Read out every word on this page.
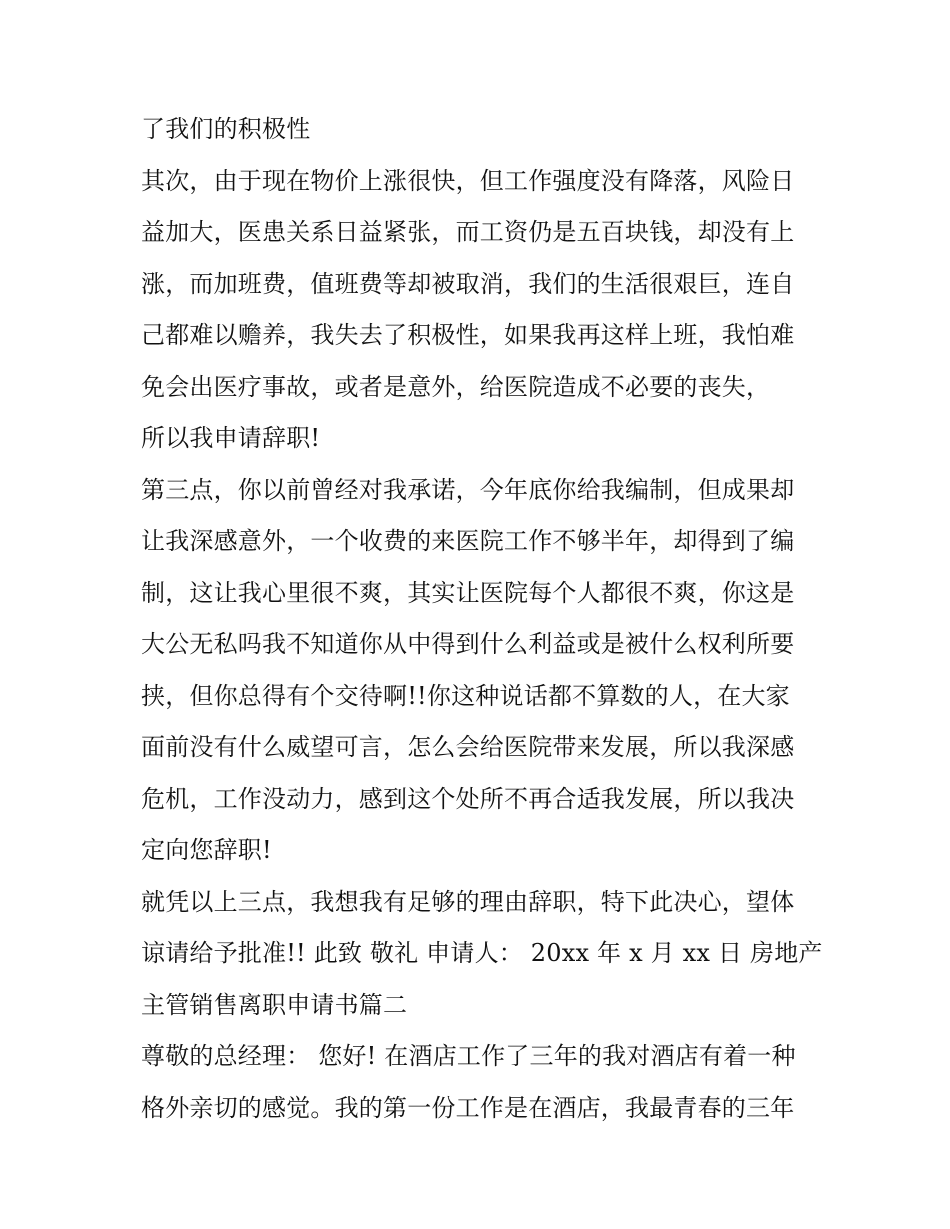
了我们的积极性
其次，由于现在物价上涨很快，但工作强度没有降落，风险日
益加大，医患关系日益紧张，而工资仍是五百块钱，却没有上
涨，而加班费，值班费等却被取消，我们的生活很艰巨，连自
己都难以赡养，我失去了积极性，如果我再这样上班，我怕难
免会出医疗事故，或者是意外，给医院造成不必要的丧失，
所以我申请辞职!
第三点，你以前曾经对我承诺，今年底你给我编制，但成果却
让我深感意外，一个收费的来医院工作不够半年，却得到了编
制，这让我心里很不爽，其实让医院每个人都很不爽，你这是
大公无私吗我不知道你从中得到什么利益或是被什么权利所要
挟，但你总得有个交待啊!!你这种说话都不算数的人，在大家
面前没有什么威望可言，怎么会给医院带来发展，所以我深感
危机，工作没动力，感到这个处所不再合适我发展，所以我决
定向您辞职!
就凭以上三点，我想我有足够的理由辞职，特下此决心，望体
谅请给予批准!! 此致 敬礼 申请人： 20xx 年 x 月 xx 日 房地产
主管销售离职申请书篇二
尊敬的总经理： 您好! 在酒店工作了三年的我对酒店有着一种
格外亲切的感觉。我的第一份工作是在酒店，我最青春的三年
